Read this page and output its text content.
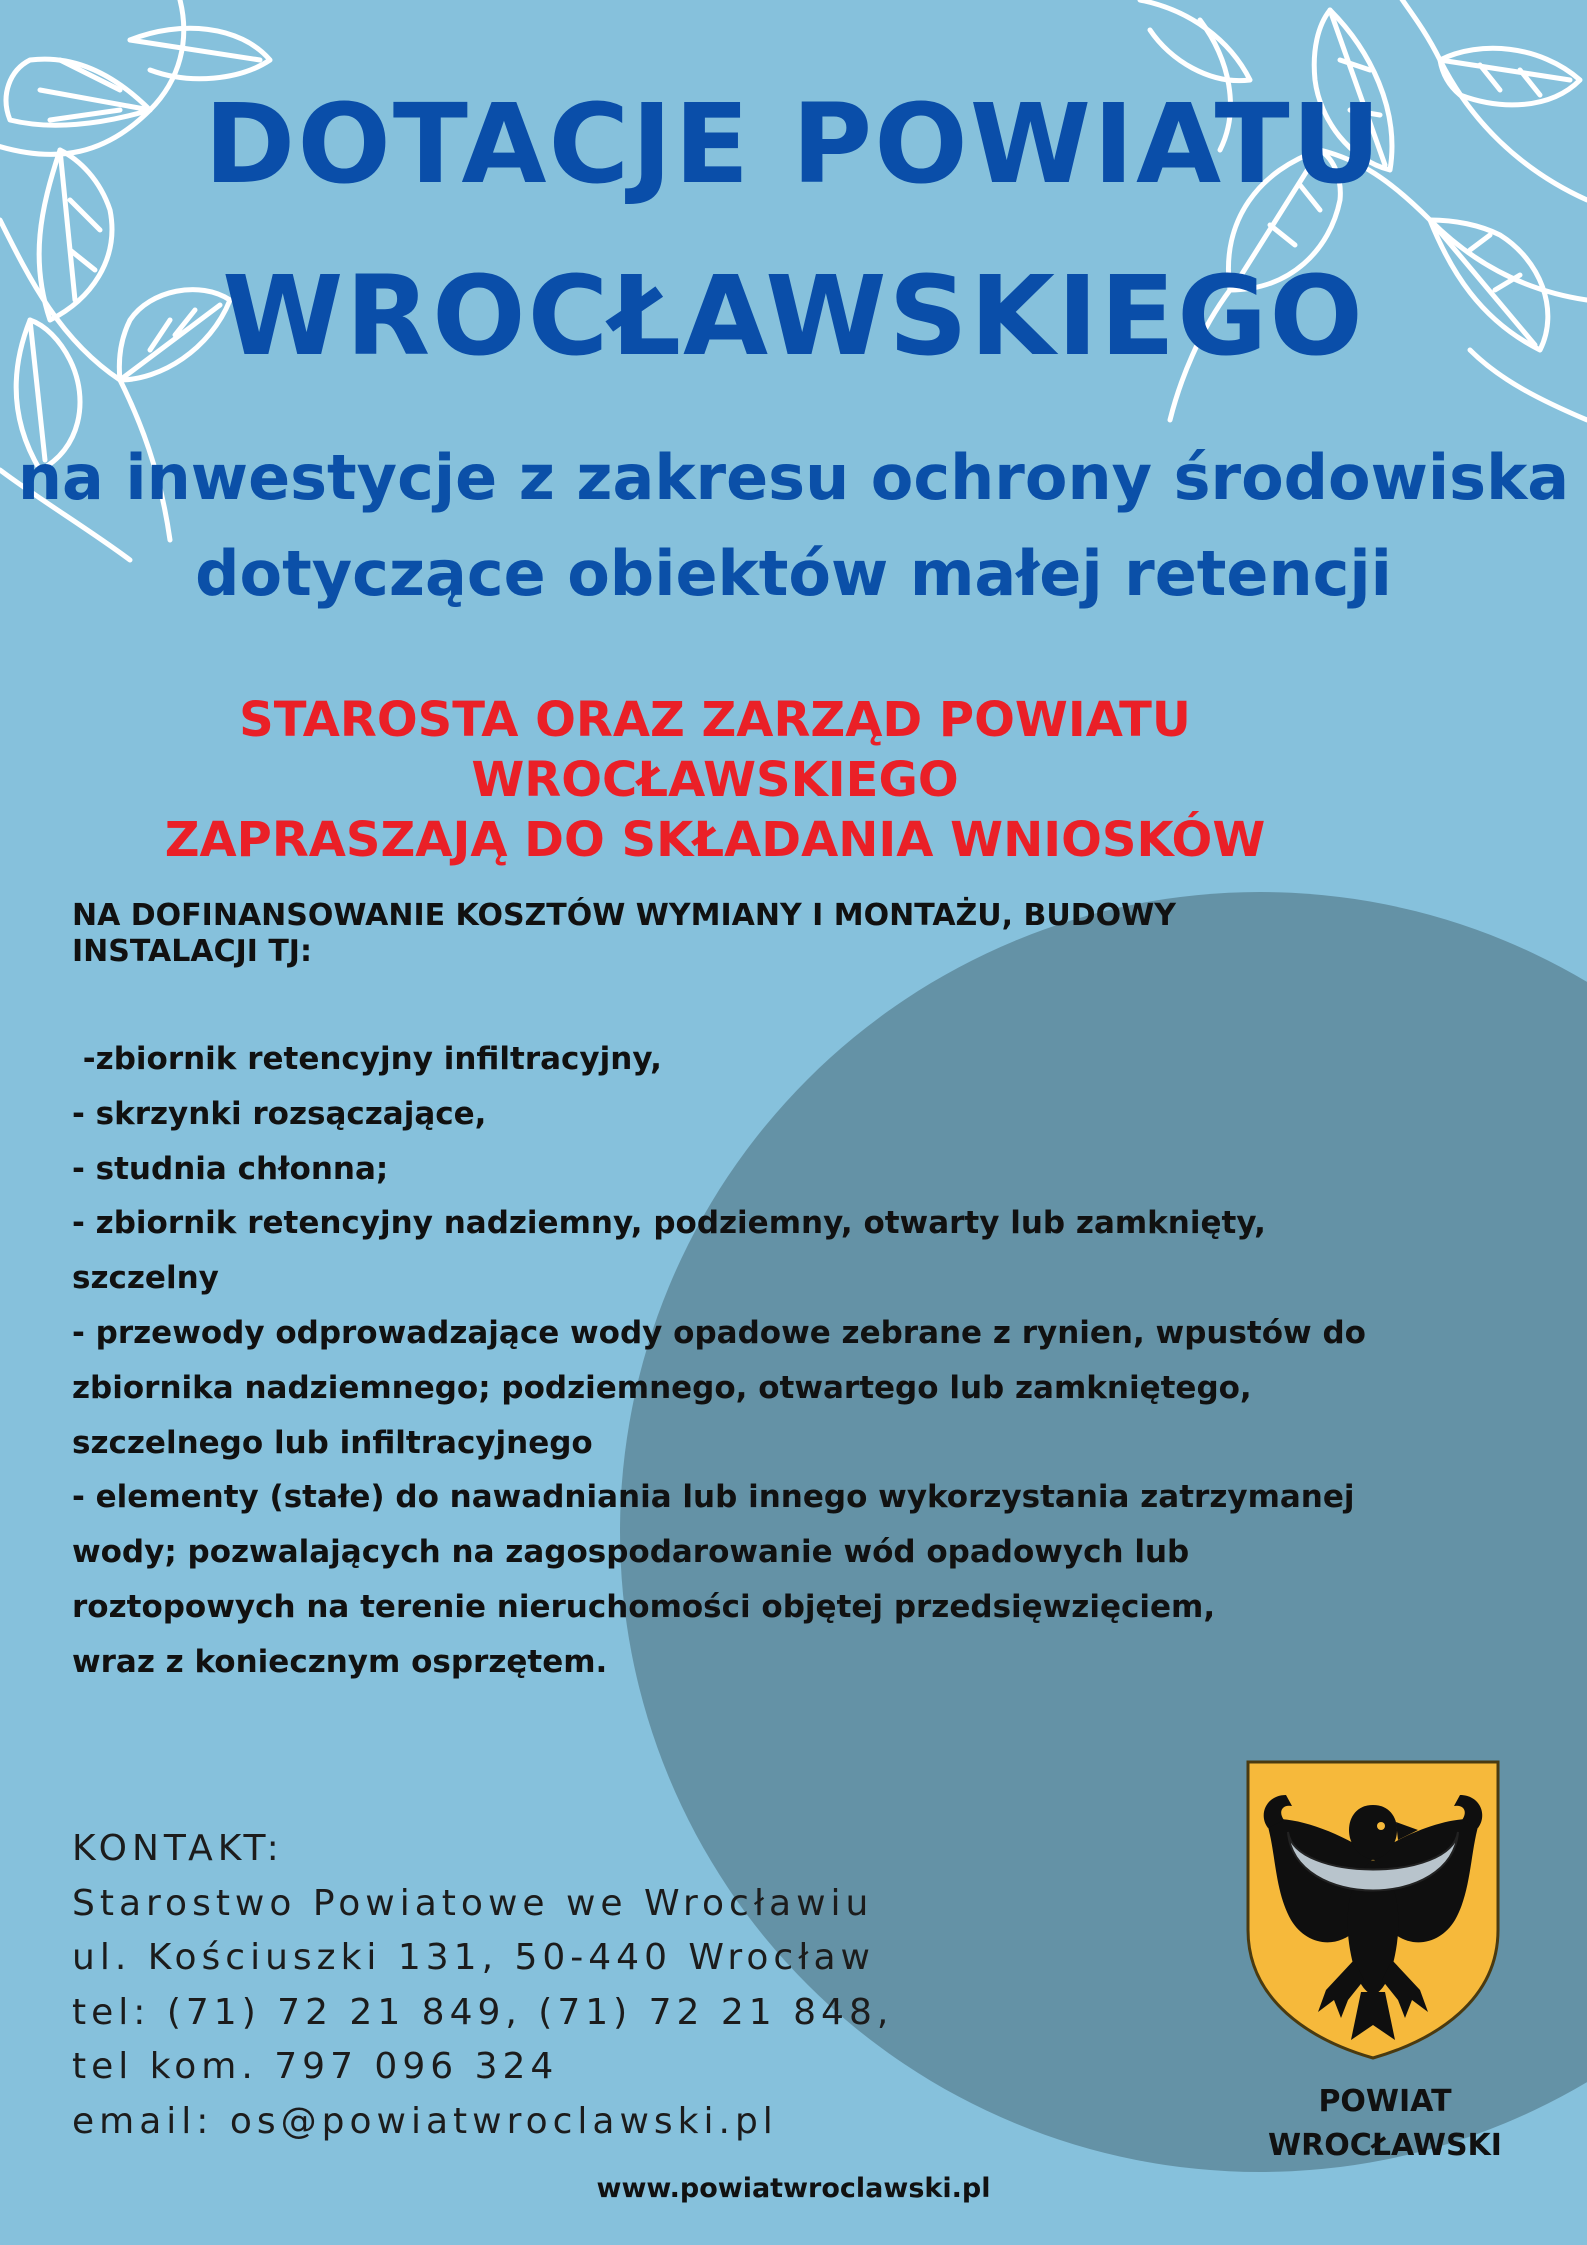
DOTACJE POWIATU
WROCŁAWSKIEGO
na inwestycje z zakresu ochrony środowiska
dotyczące obiektów małej retencji
STAROSTA ORAZ ZARZĄD POWIATU WROCŁAWSKIEGO
ZAPRASZAJĄ DO SKŁADANIA WNIOSKÓW
NA DOFINANSOWANIE KOSZTÓW WYMIANY I MONTAŻU, BUDOWY
INSTALACJI TJ:
-zbiornik retencyjny infiltracyjny,
- skrzynki rozsączające,
- studnia chłonna;
- zbiornik retencyjny nadziemny, podziemny, otwarty lub zamknięty,
szczelny
- przewody odprowadzające wody opadowe zebrane z rynien, wpustów do
zbiornika nadziemnego; podziemnego, otwartego lub zamkniętego,
szczelnego lub infiltracyjnego
- elementy (stałe) do nawadniania lub innego wykorzystania zatrzymanej
wody; pozwalających na zagospodarowanie wód opadowych lub
roztopowych na terenie nieruchomości objętej przedsięwzięciem,
wraz z koniecznym osprzętem.
KONTAKT:
Starostwo Powiatowe we Wrocławiu
ul. Kościuszki 131, 50-440 Wrocław
tel: (71) 72 21 849, (71) 72 21 848,
tel kom. 797 096 324
email: os@powiatwroclawski.pl	POWIAT
WROCŁAWSKI
www.powiatwroclawski.pl
